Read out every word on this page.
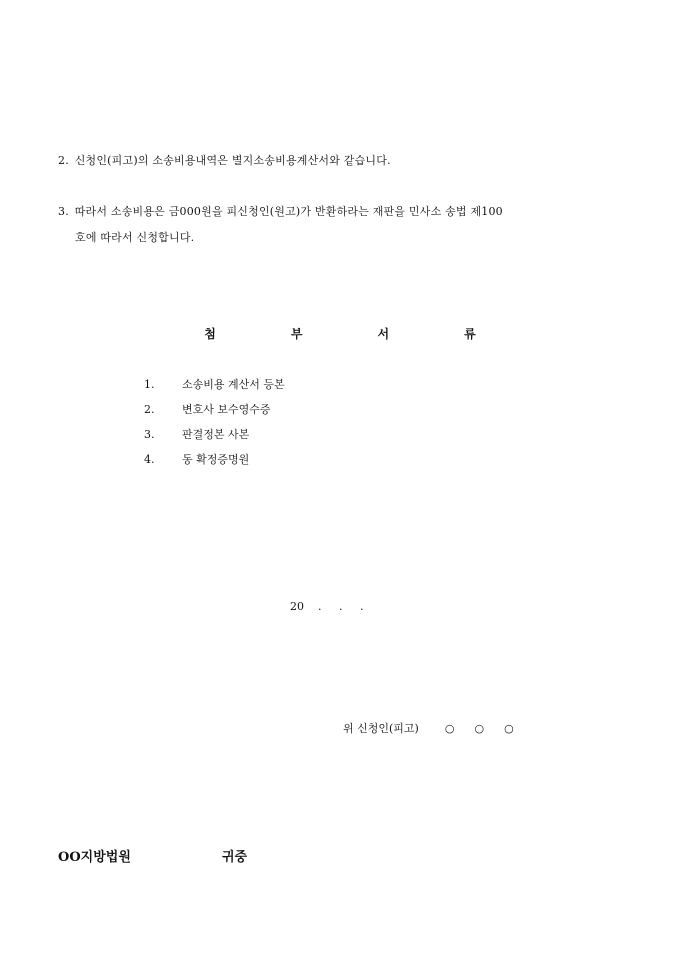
2. 신청인(피고)의 소송비용내역은 별지소송비용계산서와 같습니다.
3. 따라서 소송비용은 금000원을 피신청인(원고)가 반환하라는 재판을 민사소 송법 제100
호에 따라서 신청합니다.
첨	부	서	류
1.	소송비용 계산서 등본
2.	변호사 보수영수증
3.	판결정본 사본
4.	동 확정증명원
20    .     .     .
위 신청인(피고) ○ ○ ○
OO지방법원	귀중
